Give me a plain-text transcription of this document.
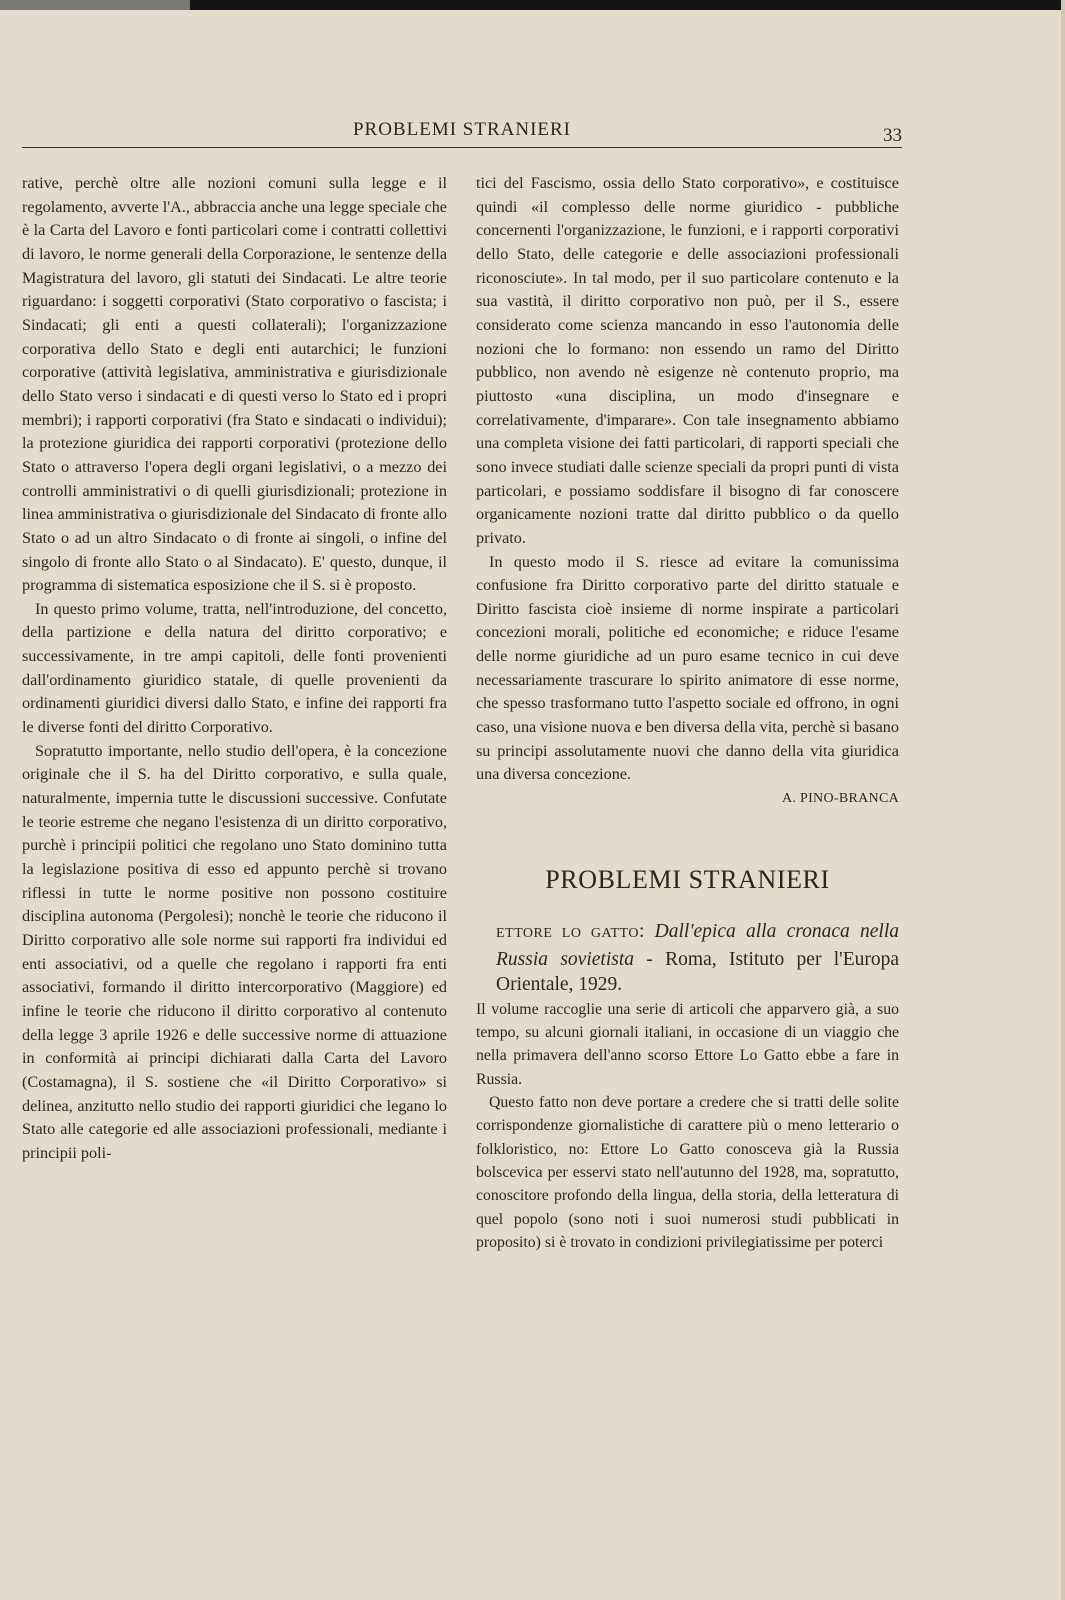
PROBLEMI STRANIERI	33

rative, perchè oltre alle nozioni comuni sulla legge e il regolamento, avverte l'A., abbraccia anche una legge speciale che è la Carta del Lavoro e fonti particolari come i contratti collettivi di lavoro, le norme generali della Corporazione, le sentenze della Magistratura del lavoro, gli statuti dei Sindacati. Le altre teorie riguardano: i soggetti corporativi (Stato corporativo o fascista; i Sindacati; gli enti a questi collaterali); l'organizzazione corporativa dello Stato e degli enti autarchici; le funzioni corporative (attività legislativa, amministrativa e giurisdizionale dello Stato verso i sindacati e di questi verso lo Stato ed i propri membri); i rapporti corporativi (fra Stato e sindacati o individui); la protezione giuridica dei rapporti corporativi (protezione dello Stato o attraverso l'opera degli organi legislativi, o a mezzo dei controlli amministrativi o di quelli giurisdizionali; protezione in linea amministrativa o giurisdizionale del Sindacato di fronte allo Stato o ad un altro Sindacato o di fronte ai singoli, o infine del singolo di fronte allo Stato o al Sindacato). E' questo, dunque, il programma di sistematica esposizione che il S. si è proposto.

In questo primo volume, tratta, nell'introduzione, del concetto, della partizione e della natura del diritto corporativo; e successivamente, in tre ampi capitoli, delle fonti provenienti dall'ordinamento giuridico statale, di quelle provenienti da ordinamenti giuridici diversi dallo Stato, e infine dei rapporti fra le diverse fonti del diritto Corporativo.

Sopratutto importante, nello studio dell'opera, è la concezione originale che il S. ha del Diritto corporativo, e sulla quale, naturalmente, impernia tutte le discussioni successive. Confutate le teorie estreme che negano l'esistenza di un diritto corporativo, purchè i principii politici che regolano uno Stato dominino tutta la legislazione positiva di esso ed appunto perchè si trovano riflessi in tutte le norme positive non possono costituire disciplina autonoma (Pergolesi); nonchè le teorie che riducono il Diritto corporativo alle sole norme sui rapporti fra individui ed enti associativi, od a quelle che regolano i rapporti fra enti associativi, formando il diritto intercorporativo (Maggiore) ed infine le teorie che riducono il diritto corporativo al contenuto della legge 3 aprile 1926 e delle successive norme di attuazione in conformità ai principi dichiarati dalla Carta del Lavoro (Costamagna), il S. sostiene che «il Diritto Corporativo» si delinea, anzitutto nello studio dei rapporti giuridici che legano lo Stato alle categorie ed alle associazioni professionali, mediante i principii poli-

tici del Fascismo, ossia dello Stato corporativo», e costituisce quindi «il complesso delle norme giuridico - pubbliche concernenti l'organizzazione, le funzioni, e i rapporti corporativi dello Stato, delle categorie e delle associazioni professionali riconosciute». In tal modo, per il suo particolare contenuto e la sua vastità, il diritto corporativo non può, per il S., essere considerato come scienza mancando in esso l'autonomia delle nozioni che lo formano: non essendo un ramo del Diritto pubblico, non avendo nè esigenze nè contenuto proprio, ma piuttosto «una disciplina, un modo d'insegnare e correlativamente, d'imparare». Con tale insegnamento abbiamo una completa visione dei fatti particolari, di rapporti speciali che sono invece studiati dalle scienze speciali da propri punti di vista particolari, e possiamo soddisfare il bisogno di far conoscere organicamente nozioni tratte dal diritto pubblico o da quello privato.

In questo modo il S. riesce ad evitare la comunissima confusione fra Diritto corporativo parte del diritto statuale e Diritto fascista cioè insieme di norme inspirate a particolari concezioni morali, politiche ed economiche; e riduce l'esame delle norme giuridiche ad un puro esame tecnico in cui deve necessariamente trascurare lo spirito animatore di esse norme, che spesso trasformano tutto l'aspetto sociale ed offrono, in ogni caso, una visione nuova e ben diversa della vita, perchè si basano su principi assolutamente nuovi che danno della vita giuridica una diversa concezione.

A. PINO-BRANCA

PROBLEMI STRANIERI

ETTORE LO GATTO: Dall'epica alla cronaca nella Russia sovietista - Roma, Istituto per l'Europa Orientale, 1929.

Il volume raccoglie una serie di articoli che apparvero già, a suo tempo, su alcuni giornali italiani, in occasione di un viaggio che nella primavera dell'anno scorso Ettore Lo Gatto ebbe a fare in Russia.

Questo fatto non deve portare a credere che si tratti delle solite corrispondenze giornalistiche di carattere più o meno letterario o folkloristico, no: Ettore Lo Gatto conosceva già la Russia bolscevica per esservi stato nell'autunno del 1928, ma, sopratutto, conoscitore profondo della lingua, della storia, della letteratura di quel popolo (sono noti i suoi numerosi studi pubblicati in proposito) si è trovato in condizioni privilegiatissime per poterci
